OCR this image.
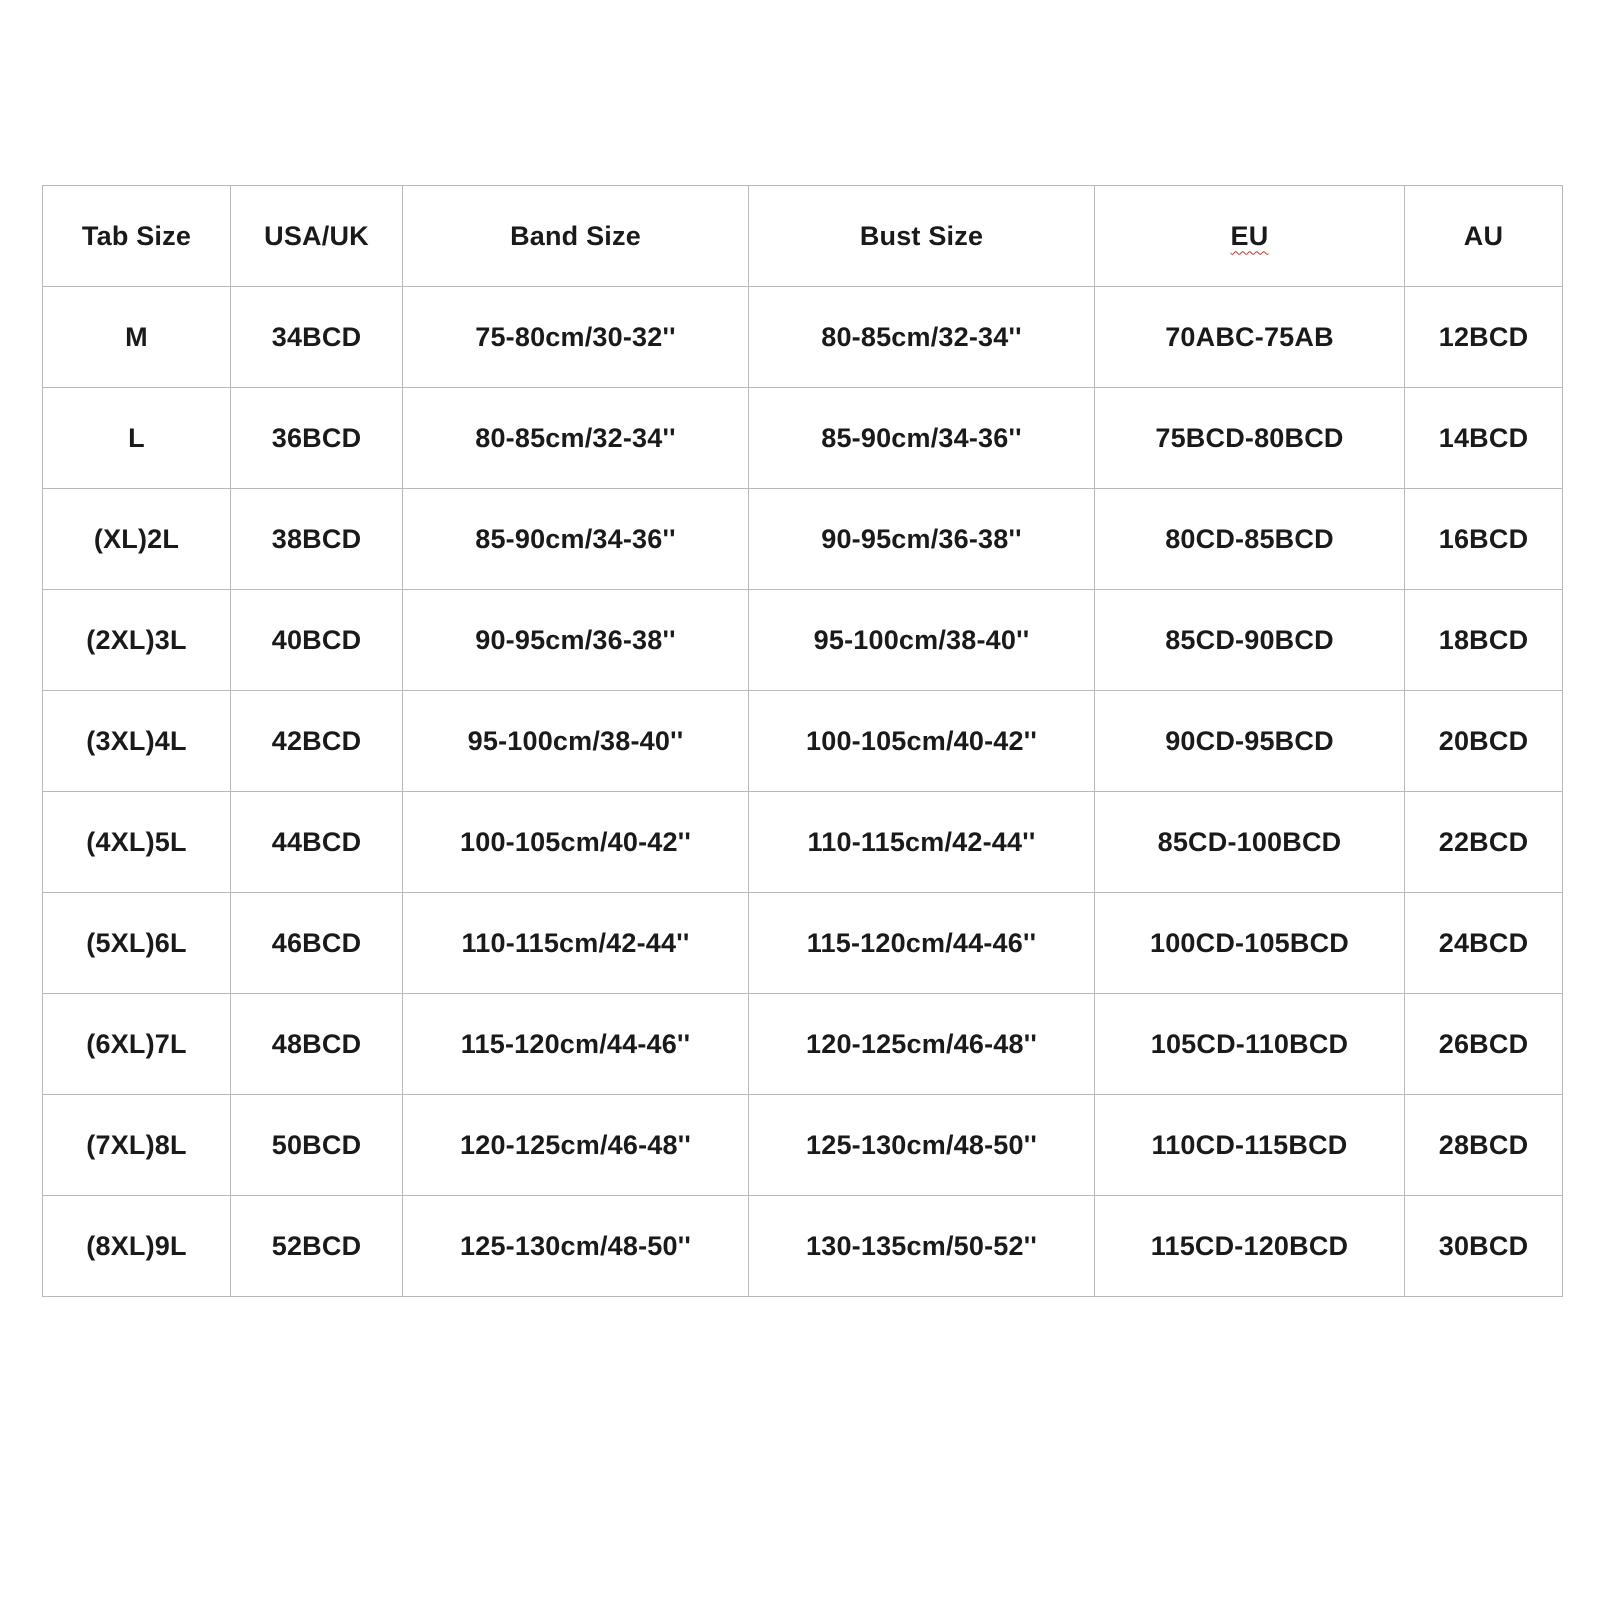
Tab Size	USA/UK	Band Size	Bust Size	EU	AU
M	34BCD	75-80cm/30-32''	80-85cm/32-34''	70ABC-75AB	12BCD
L	36BCD	80-85cm/32-34''	85-90cm/34-36''	75BCD-80BCD	14BCD
(XL)2L	38BCD	85-90cm/34-36''	90-95cm/36-38''	80CD-85BCD	16BCD
(2XL)3L	40BCD	90-95cm/36-38''	95-100cm/38-40''	85CD-90BCD	18BCD
(3XL)4L	42BCD	95-100cm/38-40''	100-105cm/40-42''	90CD-95BCD	20BCD
(4XL)5L	44BCD	100-105cm/40-42''	110-115cm/42-44''	85CD-100BCD	22BCD
(5XL)6L	46BCD	110-115cm/42-44''	115-120cm/44-46''	100CD-105BCD	24BCD
(6XL)7L	48BCD	115-120cm/44-46''	120-125cm/46-48''	105CD-110BCD	26BCD
(7XL)8L	50BCD	120-125cm/46-48''	125-130cm/48-50''	110CD-115BCD	28BCD
(8XL)9L	52BCD	125-130cm/48-50''	130-135cm/50-52''	115CD-120BCD	30BCD
